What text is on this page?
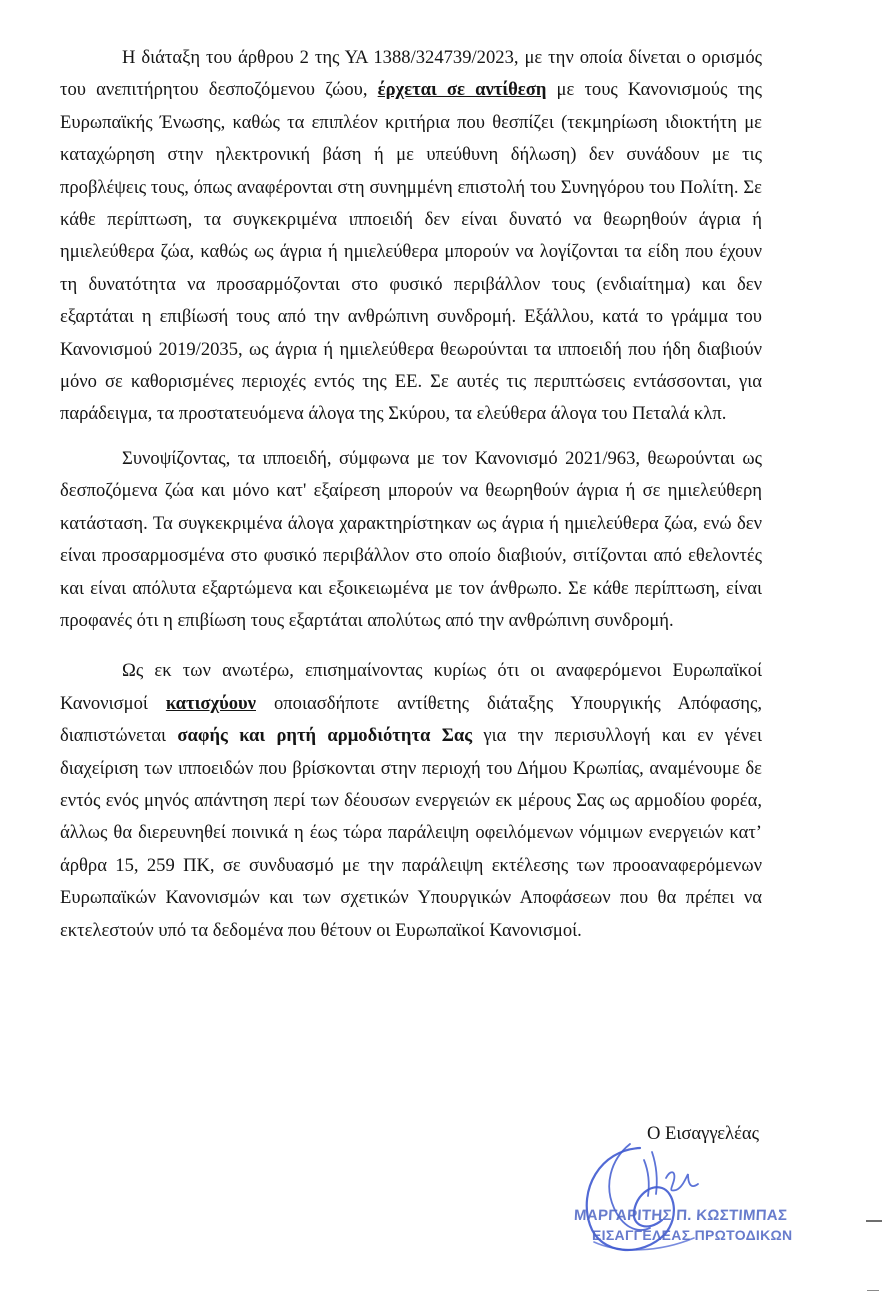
Η διάταξη του άρθρου 2 της ΥΑ 1388/324739/2023, με την οποία δίνεται ο ορισμός του ανεπιτήρητου δεσποζόμενου ζώου, έρχεται σε αντίθεση με τους Κανονισμούς της Ευρωπαϊκής Ένωσης, καθώς τα επιπλέον κριτήρια που θεσπίζει (τεκμηρίωση ιδιοκτήτη με καταχώρηση στην ηλεκτρονική βάση ή με υπεύθυνη δήλωση) δεν συνάδουν με τις προβλέψεις τους, όπως αναφέρονται στη συνημμένη επιστολή του Συνηγόρου του Πολίτη. Σε κάθε περίπτωση, τα συγκεκριμένα ιπποειδή δεν είναι δυνατό να θεωρηθούν άγρια ή ημιελεύθερα ζώα, καθώς ως άγρια ή ημιελεύθερα μπορούν να λογίζονται τα είδη που έχουν τη δυνατότητα να προσαρμόζονται στο φυσικό περιβάλλον τους (ενδιαίτημα) και δεν εξαρτάται η επιβίωσή τους από την ανθρώπινη συνδρομή. Εξάλλου, κατά το γράμμα του Κανονισμού 2019/2035, ως άγρια ή ημιελεύθερα θεωρούνται τα ιπποειδή που ήδη διαβιούν μόνο σε καθορισμένες περιοχές εντός της ΕΕ. Σε αυτές τις περιπτώσεις εντάσσονται, για παράδειγμα, τα προστατευόμενα άλογα της Σκύρου, τα ελεύθερα άλογα του Πεταλά κλπ.

Συνοψίζοντας, τα ιπποειδή, σύμφωνα με τον Κανονισμό 2021/963, θεωρούνται ως δεσποζόμενα ζώα και μόνο κατ' εξαίρεση μπορούν να θεωρηθούν άγρια ή σε ημιελεύθερη κατάσταση. Τα συγκεκριμένα άλογα χαρακτηρίστηκαν ως άγρια ή ημιελεύθερα ζώα, ενώ δεν είναι προσαρμοσμένα στο φυσικό περιβάλλον στο οποίο διαβιούν, σιτίζονται από εθελοντές και είναι απόλυτα εξαρτώμενα και εξοικειωμένα με τον άνθρωπο. Σε κάθε περίπτωση, είναι προφανές ότι η επιβίωση τους εξαρτάται απολύτως από την ανθρώπινη συνδρομή.

Ως εκ των ανωτέρω, επισημαίνοντας κυρίως ότι οι αναφερόμενοι Ευρωπαϊκοί Κανονισμοί κατισχύουν οποιασδήποτε αντίθετης διάταξης Υπουργικής Απόφασης, διαπιστώνεται σαφής και ρητή αρμοδιότητα Σας για την περισυλλογή και εν γένει διαχείριση των ιπποειδών που βρίσκονται στην περιοχή του Δήμου Κρωπίας, αναμένουμε δε εντός ενός μηνός απάντηση περί των δέουσων ενεργειών εκ μέρους Σας ως αρμοδίου φορέα, άλλως θα διερευνηθεί ποινικά η έως τώρα παράλειψη οφειλόμενων νόμιμων ενεργειών κατ’ άρθρα 15, 259 ΠΚ, σε συνδυασμό με την παράλειψη εκτέλεσης των προοαναφερόμενων Ευρωπαϊκών Κανονισμών και των σχετικών Υπουργικών Αποφάσεων που θα πρέπει να εκτελεστούν υπό τα δεδομένα που θέτουν οι Ευρωπαϊκοί Κανονισμοί.

Ο Εισαγγελέας
ΜΑΡΓΑΡΙΤΗΣ Π. ΚΩΣΤΙΜΠΑΣ
ΕΙΣΑΓΓΕΛΕΑΣ ΠΡΩΤΟΔΙΚΩΝ
